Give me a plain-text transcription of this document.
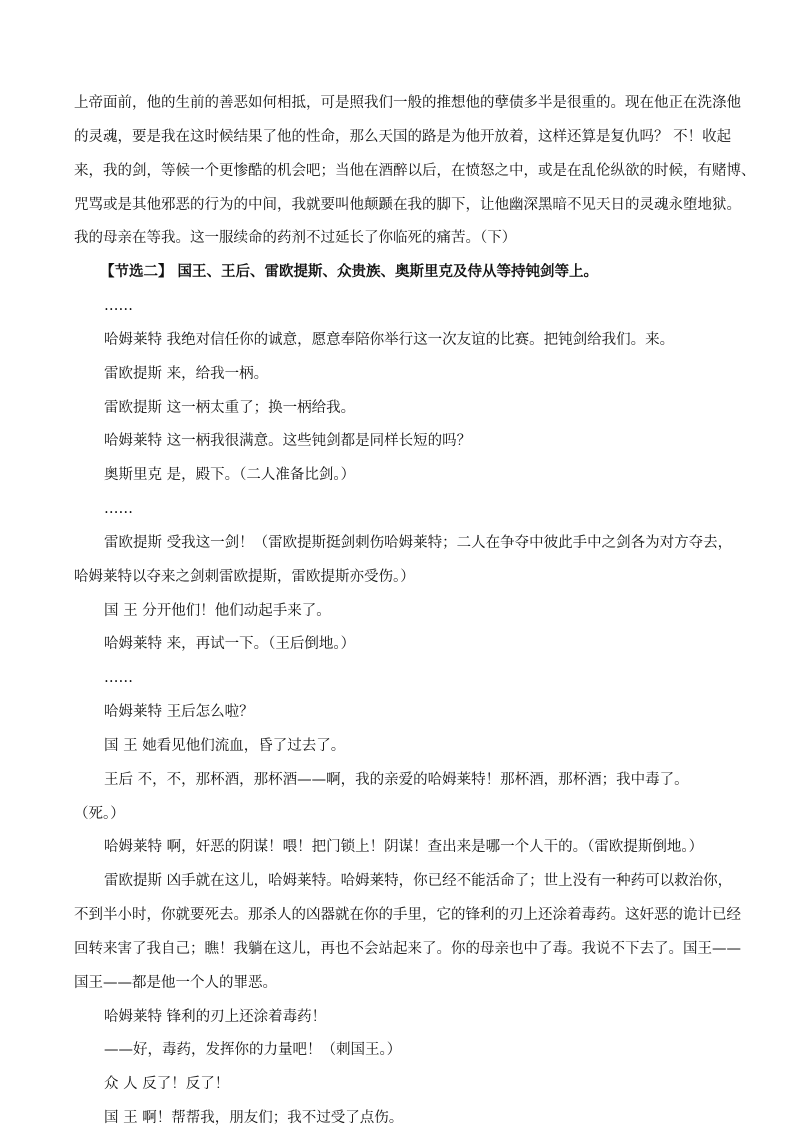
上帝面前，他的生前的善恶如何相抵，可是照我们一般的推想他的孽债多半是很重的。现在他正在洗涤他

的灵魂，要是我在这时候结果了他的性命，那么天国的路是为他开放着，这样还算是复仇吗？ 不！收起

来，我的剑，等候一个更惨酷的机会吧；当他在酒醉以后，在愤怒之中，或是在乱伦纵欲的时候，有赌博、

咒骂或是其他邪恶的行为的中间，我就要叫他颠踬在我的脚下，让他幽深黑暗不见天日的灵魂永堕地狱。

我的母亲在等我。这一服续命的药剂不过延长了你临死的痛苦。（下）

【节选二】 国王、王后、雷欧提斯、众贵族、奥斯里克及侍从等持钝剑等上。

……

哈姆莱特 我绝对信任你的诚意，愿意奉陪你举行这一次友谊的比赛。把钝剑给我们。来。

雷欧提斯 来，给我一柄。

雷欧提斯 这一柄太重了；换一柄给我。

哈姆莱特 这一柄我很满意。这些钝剑都是同样长短的吗？

奥斯里克 是，殿下。（二人准备比剑。）

……

雷欧提斯 受我这一剑！（雷欧提斯挺剑刺伤哈姆莱特；二人在争夺中彼此手中之剑各为对方夺去，

哈姆莱特以夺来之剑刺雷欧提斯，雷欧提斯亦受伤。）

国 王 分开他们！他们动起手来了。

哈姆莱特 来，再试一下。（王后倒地。）

……

哈姆莱特 王后怎么啦？

国 王 她看见他们流血，昏了过去了。

王后 不，不，那杯酒，那杯酒——啊，我的亲爱的哈姆莱特！那杯酒，那杯酒；我中毒了。

（死。）

哈姆莱特 啊，奸恶的阴谋！喂！把门锁上！阴谋！查出来是哪一个人干的。（雷欧提斯倒地。）

雷欧提斯 凶手就在这儿，哈姆莱特。哈姆莱特，你已经不能活命了；世上没有一种药可以救治你，

不到半小时，你就要死去。那杀人的凶器就在你的手里，它的锋利的刃上还涂着毒药。这奸恶的诡计已经

回转来害了我自己；瞧！我躺在这儿，再也不会站起来了。你的母亲也中了毒。我说不下去了。国王——

国王——都是他一个人的罪恶。

哈姆莱特 锋利的刃上还涂着毒药！

——好，毒药，发挥你的力量吧！（刺国王。）

众 人 反了！反了！

国 王 啊！帮帮我，朋友们；我不过受了点伤。
